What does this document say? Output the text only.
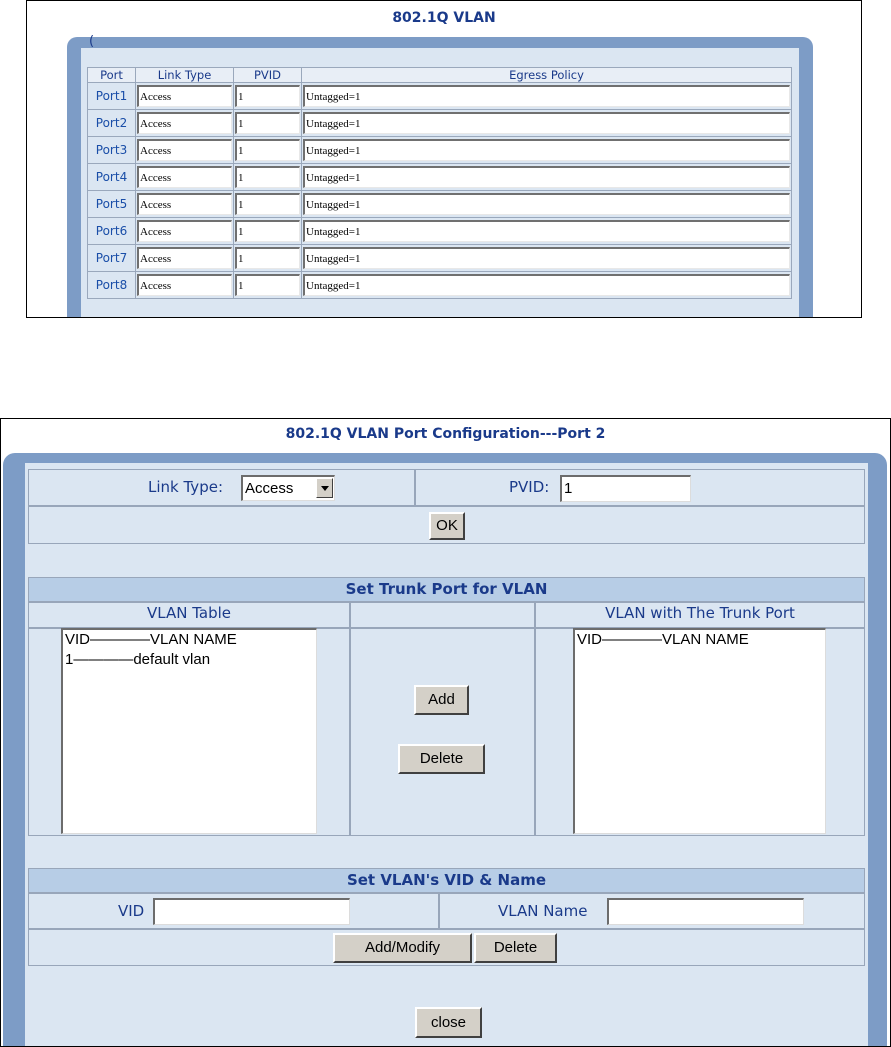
802.1Q VLAN
(
Port	Link Type	PVID	Egress Policy
Port1	Access	1	Untagged=1

Port2	Access	1	Untagged=1

Port3	Access	1	Untagged=1

Port4	Access	1	Untagged=1

Port5	Access	1	Untagged=1

Port6	Access	1	Untagged=1

Port7	Access	1	Untagged=1

Port8	Access	1	Untagged=1
802.1Q VLAN Port Configuration---Port 2
Link Type: Access	PVID: 1
OK
Set Trunk Port for VLAN
VLAN Table	VLAN with The Trunk Port
VID————VLAN NAME
1————default vlan
VID————VLAN NAME
Add
Delete
Set VLAN's VID & Name
VID	VLAN Name
Add/Modify	Delete
close
